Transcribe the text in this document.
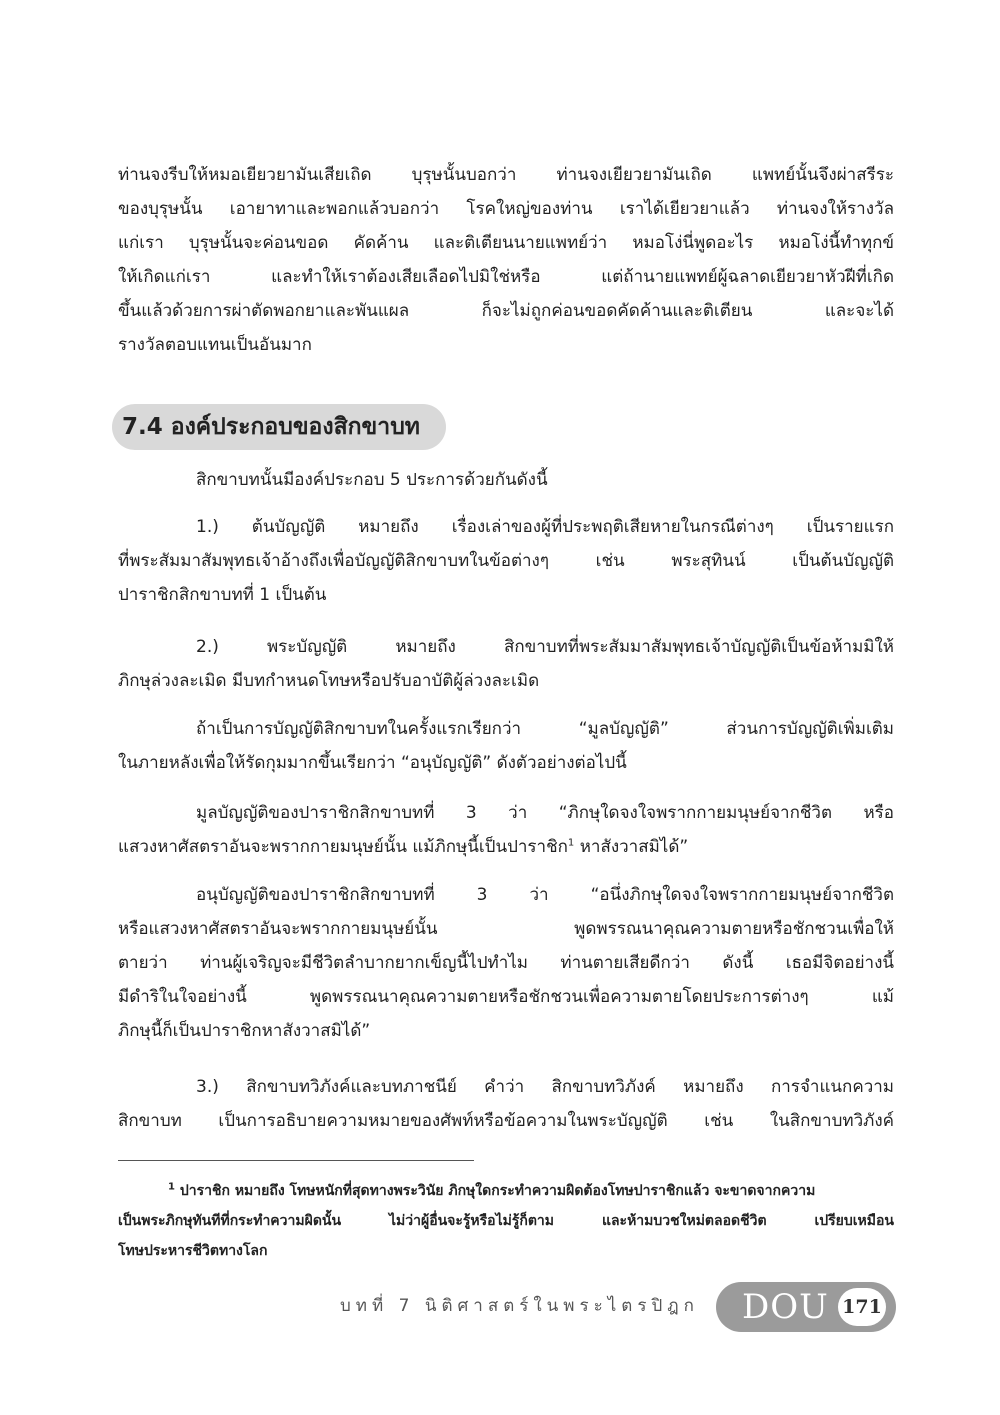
ท่านจงรีบให้หมอเยียวยามันเสียเถิด บุรุษนั้นบอกว่า ท่านจงเยียวยามันเถิด แพทย์นั้นจึงผ่าสรีระ
ของบุรุษนั้น เอายาทาและพอกแล้วบอกว่า โรคใหญ่ของท่าน เราได้เยียวยาแล้ว ท่านจงให้รางวัล
แก่เรา บุรุษนั้นจะค่อนขอด คัดค้าน และติเตียนนายแพทย์ว่า หมอโง่นี่พูดอะไร หมอโง่นี้ทำทุกข์
ให้เกิดแก่เรา และทำให้เราต้องเสียเลือดไปมิใช่หรือ แต่ถ้านายแพทย์ผู้ฉลาดเยียวยาหัวฝีที่เกิด
ขึ้นแล้วด้วยการผ่าตัดพอกยาและพันแผล ก็จะไม่ถูกค่อนขอดคัดค้านและติเตียน และจะได้
รางวัลตอบแทนเป็นอันมาก
7.4 องค์ประกอบของสิกขาบท
สิกขาบทนั้นมีองค์ประกอบ 5 ประการด้วยกันดังนี้
1.) ต้นบัญญัติ หมายถึง เรื่องเล่าของผู้ที่ประพฤติเสียหายในกรณีต่างๆ เป็นรายแรก
ที่พระสัมมาสัมพุทธเจ้าอ้างถึงเพื่อบัญญัติสิกขาบทในข้อต่างๆ เช่น พระสุทินน์ เป็นต้นบัญญัติ
ปาราชิกสิกขาบทที่ 1 เป็นต้น
2.) พระบัญญัติ หมายถึง สิกขาบทที่พระสัมมาสัมพุทธเจ้าบัญญัติเป็นข้อห้ามมิให้
ภิกษุล่วงละเมิด มีบทกำหนดโทษหรือปรับอาบัติผู้ล่วงละเมิด
ถ้าเป็นการบัญญัติสิกขาบทในครั้งแรกเรียกว่า “มูลบัญญัติ” ส่วนการบัญญัติเพิ่มเติม
ในภายหลังเพื่อให้รัดกุมมากขึ้นเรียกว่า “อนุบัญญัติ” ดังตัวอย่างต่อไปนี้
มูลบัญญัติของปาราชิกสิกขาบทที่ 3 ว่า “ภิกษุใดจงใจพรากกายมนุษย์จากชีวิต หรือ
แสวงหาศัสตราอันจะพรากกายมนุษย์นั้น แม้ภิกษุนี้เป็นปาราชิก$^1$ หาสังวาสมิได้”
อนุบัญญัติของปาราชิกสิกขาบทที่ 3 ว่า “อนึ่งภิกษุใดจงใจพรากกายมนุษย์จากชีวิต
หรือแสวงหาศัสตราอันจะพรากกายมนุษย์นั้น พูดพรรณนาคุณความตายหรือชักชวนเพื่อให้
ตายว่า ท่านผู้เจริญจะมีชีวิตลำบากยากเข็ญนี้ไปทำไม ท่านตายเสียดีกว่า ดังนี้ เธอมีจิตอย่างนี้
มีดำริในใจอย่างนี้ พูดพรรณนาคุณความตายหรือชักชวนเพื่อความตายโดยประการต่างๆ แม้
ภิกษุนี้ก็เป็นปาราชิกหาสังวาสมิได้”
3.) สิกขาบทวิภังค์และบทภาชนีย์ คำว่า สิกขาบทวิภังค์ หมายถึง การจำแนกความ
สิกขาบท เป็นการอธิบายความหมายของศัพท์หรือข้อความในพระบัญญัติ เช่น ในสิกขาบทวิภังค์
$^1$ ปาราชิก หมายถึง โทษหนักที่สุดทางพระวินัย ภิกษุใดกระทำความผิดต้องโทษปาราชิกแล้ว จะขาดจากความ
เป็นพระภิกษุทันทีที่กระทำความผิดนั้น ไม่ว่าผู้อื่นจะรู้หรือไม่รู้ก็ตาม และห้ามบวชใหม่ตลอดชีวิต เปรียบเหมือน
โทษประหารชีวิตทางโลก
บทที่ 7 นิติศาสตร์ในพระไตรปิฎก DOU 171
